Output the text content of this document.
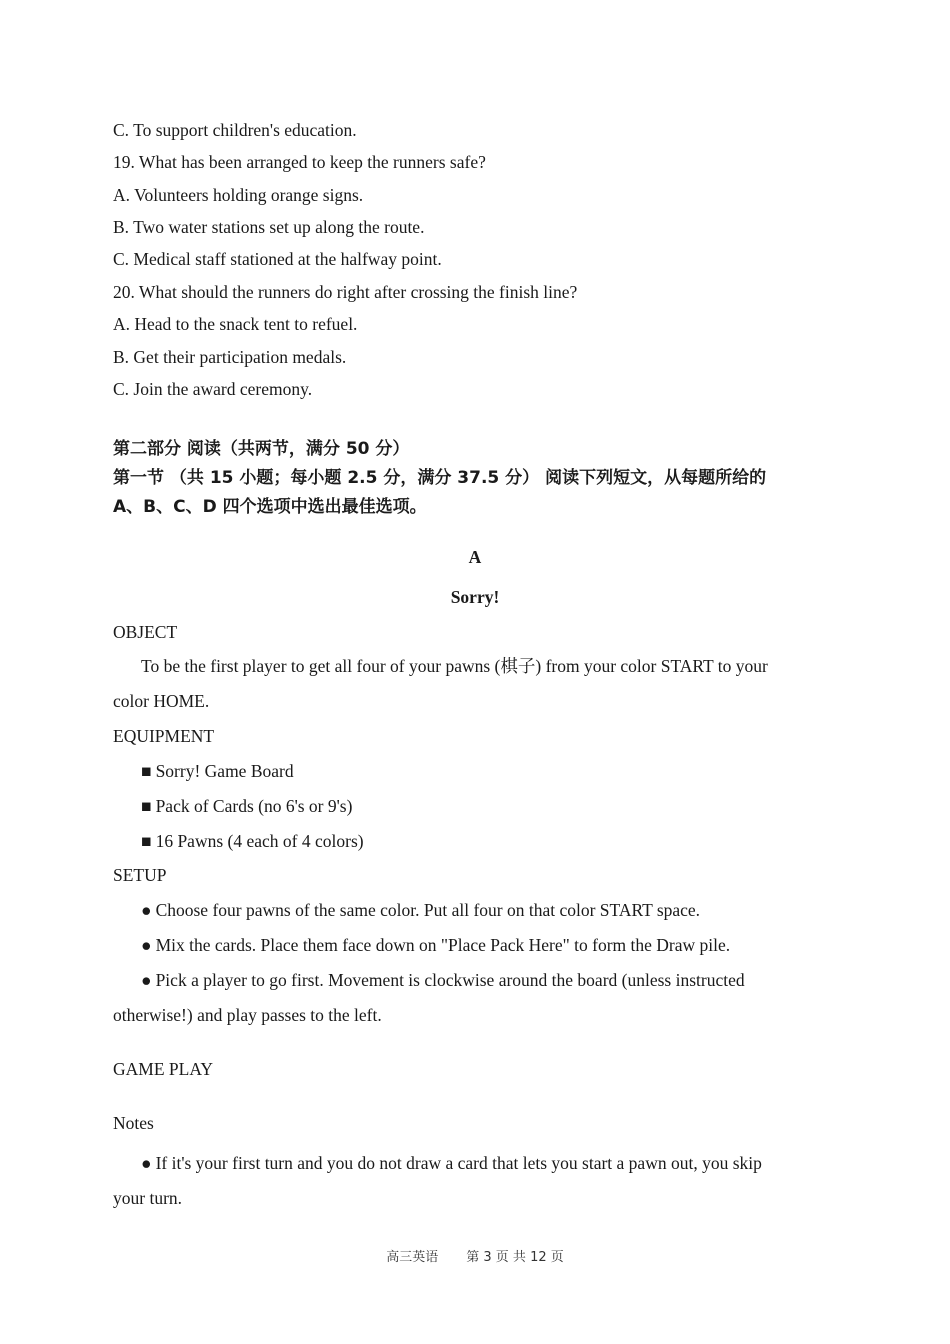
C. To support children's education.
19. What has been arranged to keep the runners safe?
A. Volunteers holding orange signs.
B. Two water stations set up along the route.
C. Medical staff stationed at the halfway point.
20. What should the runners do right after crossing the finish line?
A. Head to the snack tent to refuel.
B. Get their participation medals.
C. Join the award ceremony.
第二部分 阅读（共两节，满分 50 分）
第一节 （共 15 小题；每小题 2.5 分，满分 37.5 分） 阅读下列短文，从每题所给的
A、B、C、D 四个选项中选出最佳选项。
A
Sorry!
OBJECT
To be the first player to get all four of your pawns (棋子) from your color START to your
color HOME.
EQUIPMENT
■ Sorry! Game Board
■ Pack of Cards (no 6's or 9's)
■ 16 Pawns (4 each of 4 colors)
SETUP
● Choose four pawns of the same color. Put all four on that color START space.
● Mix the cards. Place them face down on "Place Pack Here" to form the Draw pile.
● Pick a player to go first. Movement is clockwise around the board (unless instructed
otherwise!) and play passes to the left.
GAME PLAY
Notes
● If it's your first turn and you do not draw a card that lets you start a pawn out, you skip
your turn.
高三英语 第 3 页 共 12 页
